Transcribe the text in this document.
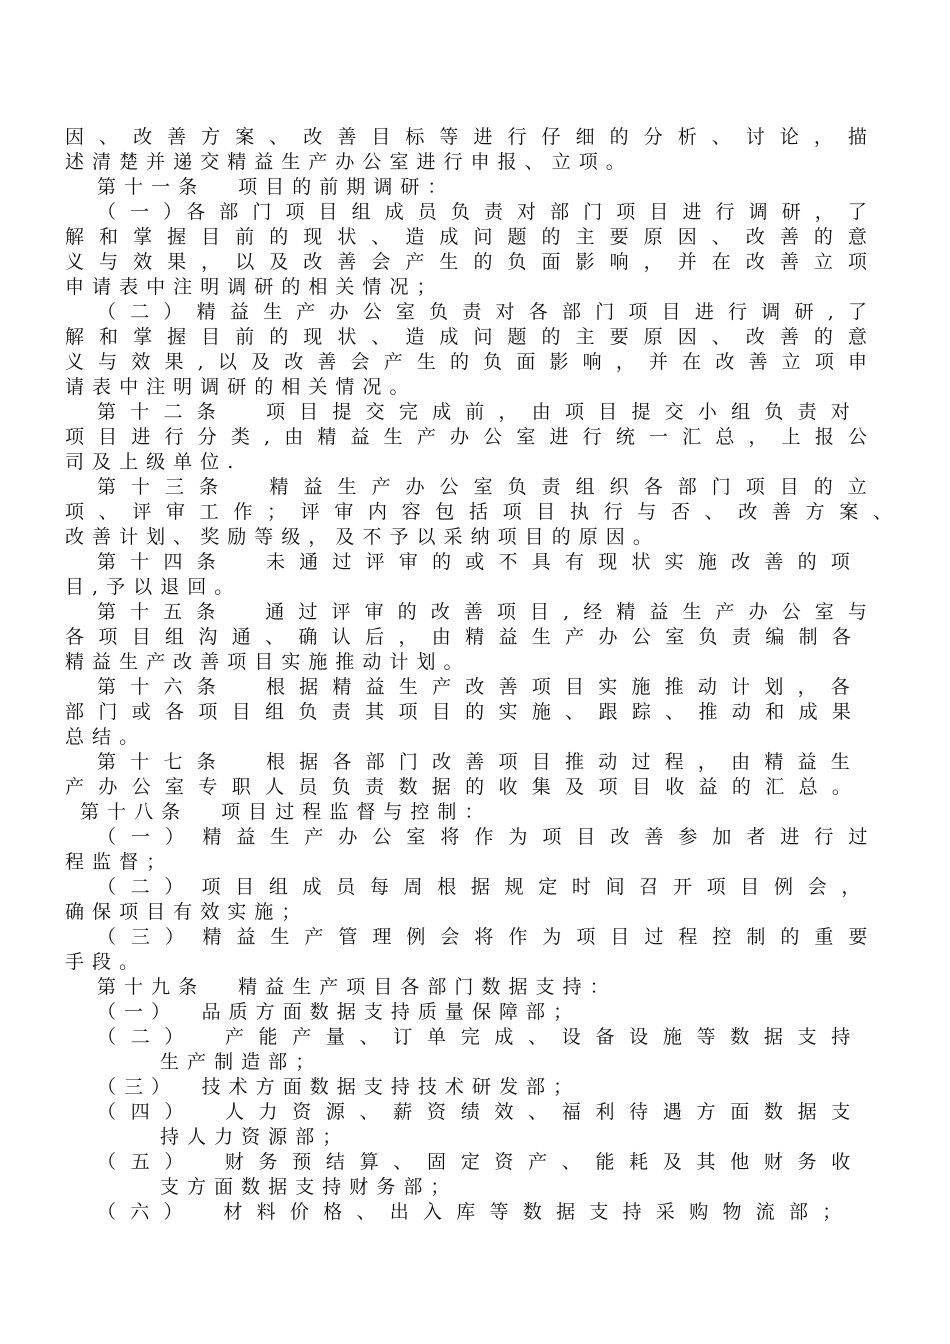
因 、 改 善 方 案 、 改 善 目 标 等 进 行 仔 细 的 分 析 、 讨 论 ， 描

述 清 楚 并 递 交 精 益 生 产 办 公 室 进 行 申 报 、 立 项 。

第 十 一 条　　项 目 的 前 期 调 研 ：

（ 一 ）各 部 门 项 目 组 成 员 负 责 对 部 门 项 目 进 行 调 研 ， 了

解 和 掌 握 目 前 的 现 状 、 造 成 问 题 的 主 要 原 因 、 改 善 的 意

义 与 效 果 ， 以 及 改 善 会 产 生 的 负 面 影 响 ， 并 在 改 善 立 项

申 请 表 中 注 明 调 研 的 相 关 情 况 ；

（ 二 ） 精 益 生 产 办 公 室 负 责 对 各 部 门 项 目 进 行 调 研 , 了

解 和 掌 握 目 前 的 现 状 、 造 成 问 题 的 主 要 原 因 、 改 善 的 意

义 与 效 果 , 以 及 改 善 会 产 生 的 负 面 影 响 ， 并 在 改 善 立 项 申

请 表 中 注 明 调 研 的 相 关 情 况 。

第 十 二 条　　项 目 提 交 完 成 前 ， 由 项 目 提 交 小 组 负 责 对

项 目 进 行 分 类 , 由 精 益 生 产 办 公 室 进 行 统 一 汇 总 ， 上 报 公

司 及 上 级 单 位 .

第 十 三 条　　精 益 生 产 办 公 室 负 责 组 织 各 部 门 项 目 的 立

项 、 评 审 工 作 ； 评 审 内 容 包 括 项 目 执 行 与 否 、 改 善 方 案 、

改 善 计 划 、 奖 励 等 级 ， 及 不 予 以 采 纳 项 目 的 原 因 。

第 十 四 条　　未 通 过 评 审 的 或 不 具 有 现 状 实 施 改 善 的 项

目 , 予 以 退 回 。

第 十 五 条　　通 过 评 审 的 改 善 项 目 , 经 精 益 生 产 办 公 室 与

各 项 目 组 沟 通 、 确 认 后 ， 由 精 益 生 产 办 公 室 负 责 编 制 各

精 益 生 产 改 善 项 目 实 施 推 动 计 划 。

第 十 六 条　　根 据 精 益 生 产 改 善 项 目 实 施 推 动 计 划 ， 各

部 门 或 各 项 目 组 负 责 其 项 目 的 实 施 、 跟 踪 、 推 动 和 成 果

总 结 。

第 十 七 条　　根 据 各 部 门 改 善 项 目 推 动 过 程 ， 由 精 益 生

产 办 公 室 专 职 人 员 负 责 数 据 的 收 集 及 项 目 收 益 的 汇 总 。

第 十 八 条　　项 目 过 程 监 督 与 控 制 ：

（ 一 ）　精 益 生 产 办 公 室 将 作 为 项 目 改 善 参 加 者 进 行 过

程 监 督 ；

（ 二 ）　项 目 组 成 员 每 周 根 据 规 定 时 间 召 开 项 目 例 会 ，

确 保 项 目 有 效 实 施 ；

（ 三 ）　精 益 生 产 管 理 例 会 将 作 为 项 目 过 程 控 制 的 重 要

手 段 。

第 十 九 条　　精 益 生 产 项 目 各 部 门 数 据 支 持 ：

（ 一 ）　　品 质 方 面 数 据 支 持 质 量 保 障 部 ；

（ 二 ）　　产 能 产 量 、 订 单 完 成 、 设 备 设 施 等 数 据 支 持

生 产 制 造 部 ；

（ 三 ）　　技 术 方 面 数 据 支 持 技 术 研 发 部 ；

（ 四 ）　　人 力 资 源 、 薪 资 绩 效 、 福 利 待 遇 方 面 数 据 支

持 人 力 资 源 部 ；

（ 五 ）　　财 务 预 结 算 、 固 定 资 产 、 能 耗 及 其 他 财 务 收

支 方 面 数 据 支 持 财 务 部 ；

（ 六 ）　　材 料 价 格 、 出 入 库 等 数 据 支 持 采 购 物 流 部 ；
